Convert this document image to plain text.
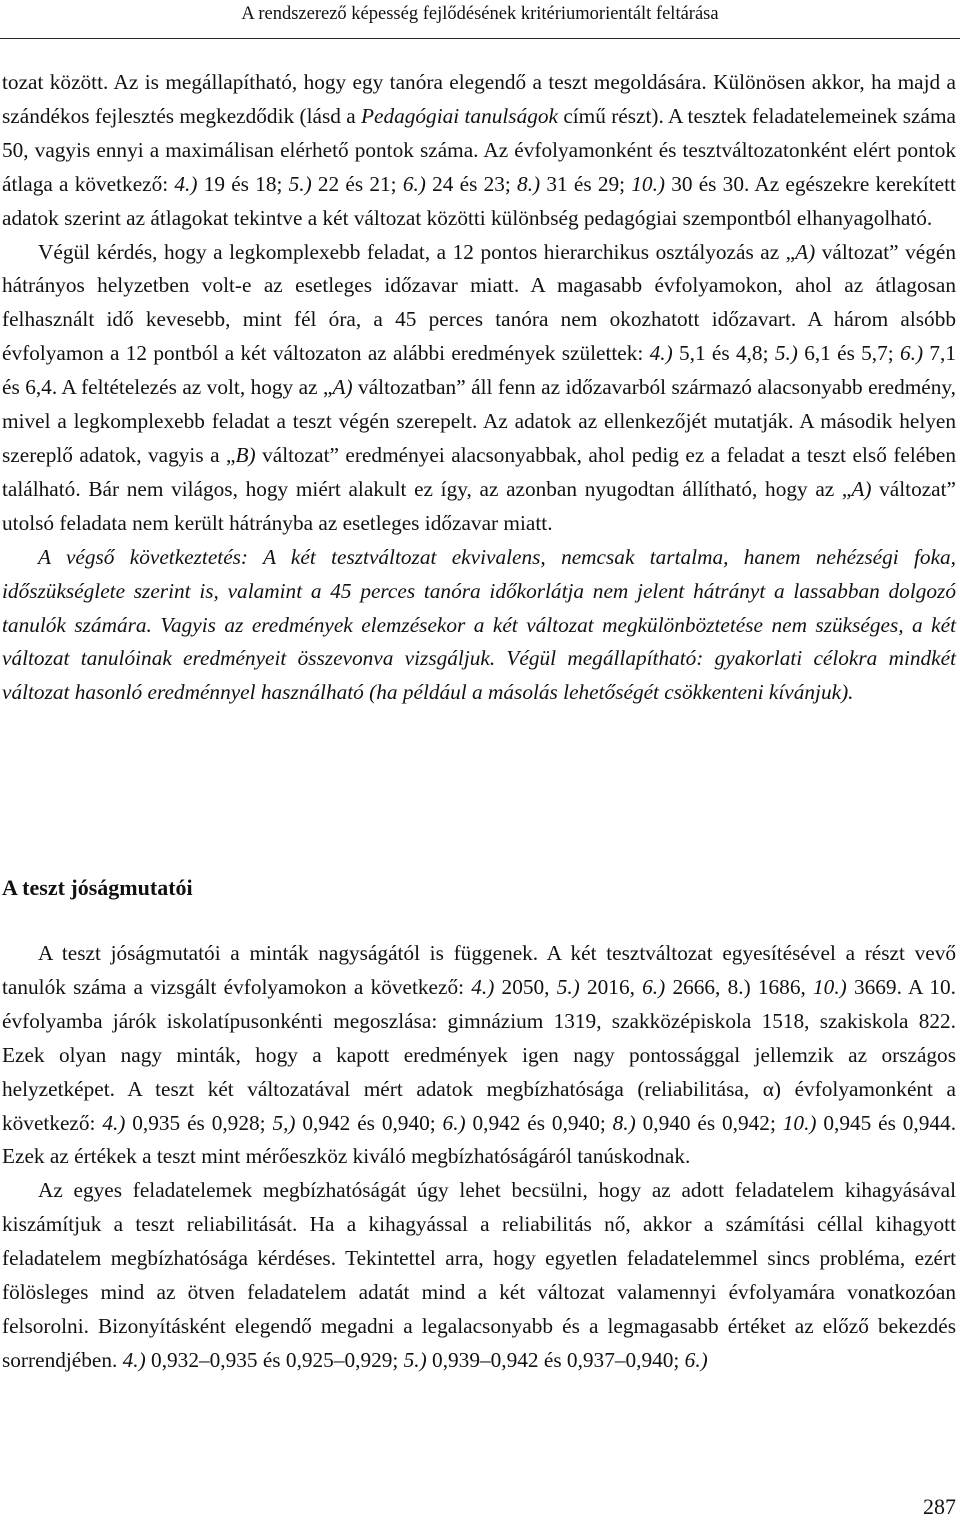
A rendszerező képesség fejlődésének kritériumorientált feltárása

tozat között. Az is megállapítható, hogy egy tanóra elegendő a teszt megoldására. Különösen akkor, ha majd a szándékos fejlesztés megkezdődik (lásd a Pedagógiai tanulságok című részt). A tesztek feladatelemeinek száma 50, vagyis ennyi a maximálisan elérhető pontok száma. Az évfolyamonként és tesztváltozatonként elért pontok átlaga a következő: 4.) 19 és 18; 5.) 22 és 21; 6.) 24 és 23; 8.) 31 és 29; 10.) 30 és 30. Az egészekre kerekített adatok szerint az átlagokat tekintve a két változat közötti különbség pedagógiai szempontból elhanyagolható.

Végül kérdés, hogy a legkomplexebb feladat, a 12 pontos hierarchikus osztályozás az „A) változat” végén hátrányos helyzetben volt-e az esetleges időzavar miatt. A magasabb évfolyamokon, ahol az átlagosan felhasznált idő kevesebb, mint fél óra, a 45 perces tanóra nem okozhatott időzavart. A három alsóbb évfolyamon a 12 pontból a két változaton az alábbi eredmények születtek: 4.) 5,1 és 4,8; 5.) 6,1 és 5,7; 6.) 7,1 és 6,4. A feltételezés az volt, hogy az „A) változatban” áll fenn az időzavarból származó alacsonyabb eredmény, mivel a legkomplexebb feladat a teszt végén szerepelt. Az adatok az ellenkezőjét mutatják. A második helyen szereplő adatok, vagyis a „B) változat” eredményei alacsonyabbak, ahol pedig ez a feladat a teszt első felében található. Bár nem világos, hogy miért alakult ez így, az azonban nyugodtan állítható, hogy az „A) változat” utolsó feladata nem került hátrányba az esetleges időzavar miatt.

A végső következtetés: A két tesztváltozat ekvivalens, nemcsak tartalma, hanem nehézségi foka, időszükséglete szerint is, valamint a 45 perces tanóra időkorlátja nem jelent hátrányt a lassabban dolgozó tanulók számára. Vagyis az eredmények elemzésekor a két változat megkülönböztetése nem szükséges, a két változat tanulóinak eredményeit összevonva vizsgáljuk. Végül megállapítható: gyakorlati célokra mindkét változat hasonló eredménnyel használható (ha például a másolás lehetőségét csökkenteni kívánjuk).

A teszt jóságmutatói

A teszt jóságmutatói a minták nagyságától is függenek. A két tesztváltozat egyesítésével a részt vevő tanulók száma a vizsgált évfolyamokon a következő: 4.) 2050, 5.) 2016, 6.) 2666, 8.) 1686, 10.) 3669. A 10. évfolyamba járók iskolatípusonkénti megoszlása: gimnázium 1319, szakközépiskola 1518, szakiskola 822. Ezek olyan nagy minták, hogy a kapott eredmények igen nagy pontossággal jellemzik az országos helyzetképet. A teszt két változatával mért adatok megbízhatósága (reliabilitása, α) évfolyamonként a következő: 4.) 0,935 és 0,928; 5,) 0,942 és 0,940; 6.) 0,942 és 0,940; 8.) 0,940 és 0,942; 10.) 0,945 és 0,944. Ezek az értékek a teszt mint mérőeszköz kiváló megbízhatóságáról tanúskodnak.

Az egyes feladatelemek megbízhatóságát úgy lehet becsülni, hogy az adott feladatelem kihagyásával kiszámítjuk a teszt reliabilitását. Ha a kihagyással a reliabilitás nő, akkor a számítási céllal kihagyott feladatelem megbízhatósága kérdéses. Tekintettel arra, hogy egyetlen feladatelemmel sincs probléma, ezért fölösleges mind az ötven feladatelem adatát mind a két változat valamennyi évfolyamára vonatkozóan felsorolni. Bizonyításként elegendő megadni a legalacsonyabb és a legmagasabb értéket az előző bekezdés sorrendjében. 4.) 0,932–0,935 és 0,925–0,929; 5.) 0,939–0,942 és 0,937–0,940; 6.)

287
